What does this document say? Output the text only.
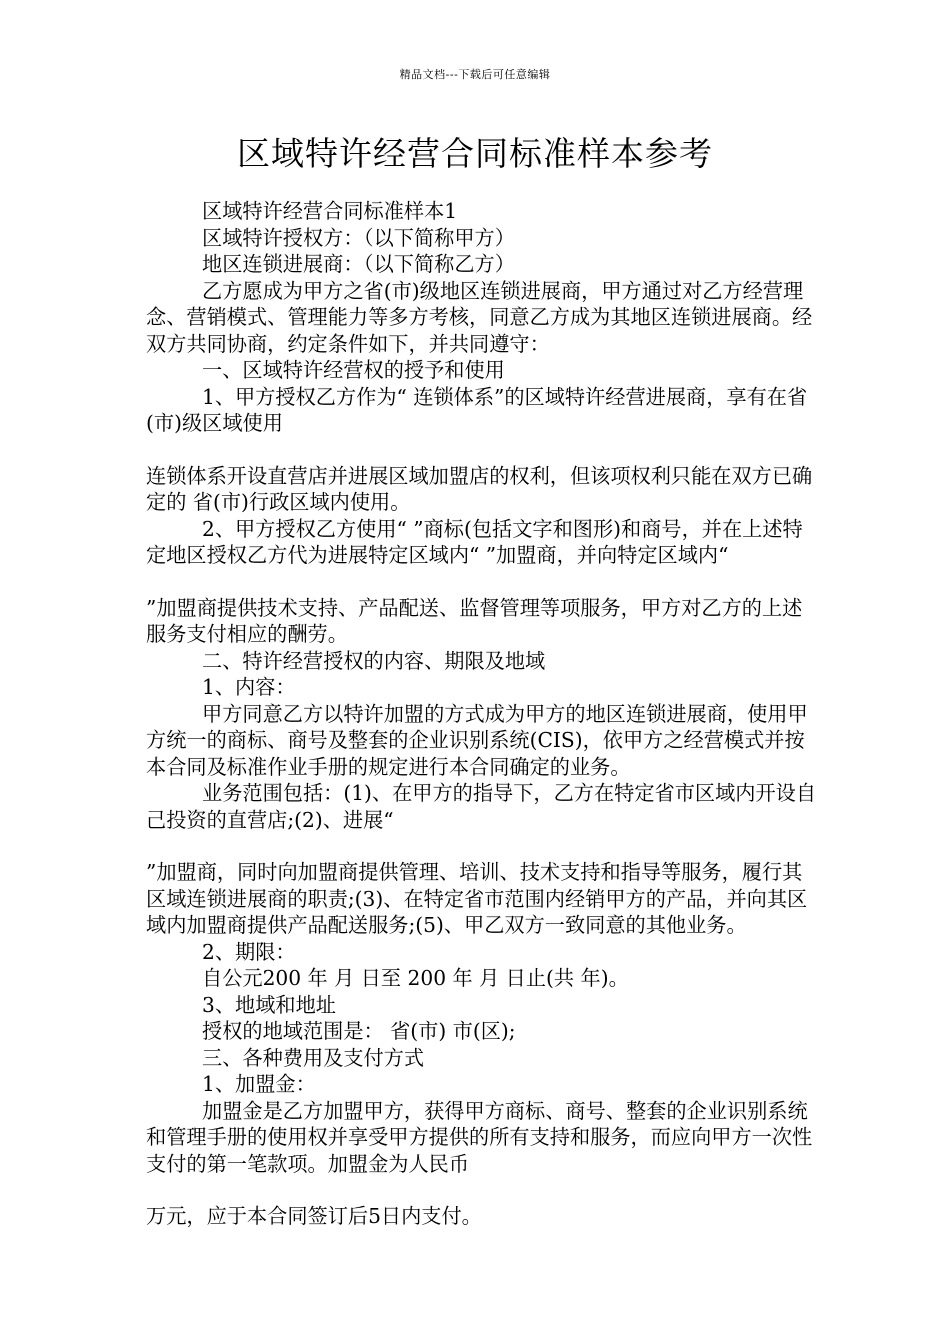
精品文档---下载后可任意编辑
区域特许经营合同标准样本参考

区域特许经营合同标准样本1

区域特许授权方：（以下简称甲方）

地区连锁进展商：（以下简称乙方）

乙方愿成为甲方之省(市)级地区连锁进展商，甲方通过对乙方经营理念、营销模式、管理能力等多方考核，同意乙方成为其地区连锁进展商。经双方共同协商，约定条件如下，并共同遵守：

一、区域特许经营权的授予和使用

1、甲方授权乙方作为“ 连锁体系”的区域特许经营进展商，享有在省(市)级区域使用

连锁体系开设直营店并进展区域加盟店的权利，但该项权利只能在双方已确定的 省(市)行政区域内使用。

2、甲方授权乙方使用“ ”商标(包括文字和图形)和商号，并在上述特定地区授权乙方代为进展特定区域内“ ”加盟商，并向特定区域内“

”加盟商提供技术支持、产品配送、监督管理等项服务，甲方对乙方的上述服务支付相应的酬劳。

二、特许经营授权的内容、期限及地域

1、内容：

甲方同意乙方以特许加盟的方式成为甲方的地区连锁进展商，使用甲方统一的商标、商号及整套的企业识别系统(CIS)，依甲方之经营模式并按本合同及标准作业手册的规定进行本合同确定的业务。

业务范围包括：(1)、在甲方的指导下，乙方在特定省市区域内开设自己投资的直营店;(2)、进展“

”加盟商，同时向加盟商提供管理、培训、技术支持和指导等服务，履行其区域连锁进展商的职责;(3)、在特定省市范围内经销甲方的产品，并向其区域内加盟商提供产品配送服务;(5)、甲乙双方一致同意的其他业务。

2、期限：

自公元200 年 月 日至 200 年 月 日止(共 年)。

3、地域和地址

授权的地域范围是： 省(市) 市(区);

三、各种费用及支付方式

1、加盟金：

加盟金是乙方加盟甲方，获得甲方商标、商号、整套的企业识别系统和管理手册的使用权并享受甲方提供的所有支持和服务，而应向甲方一次性支付的第一笔款项。加盟金为人民币

万元，应于本合同签订后5日内支付。
